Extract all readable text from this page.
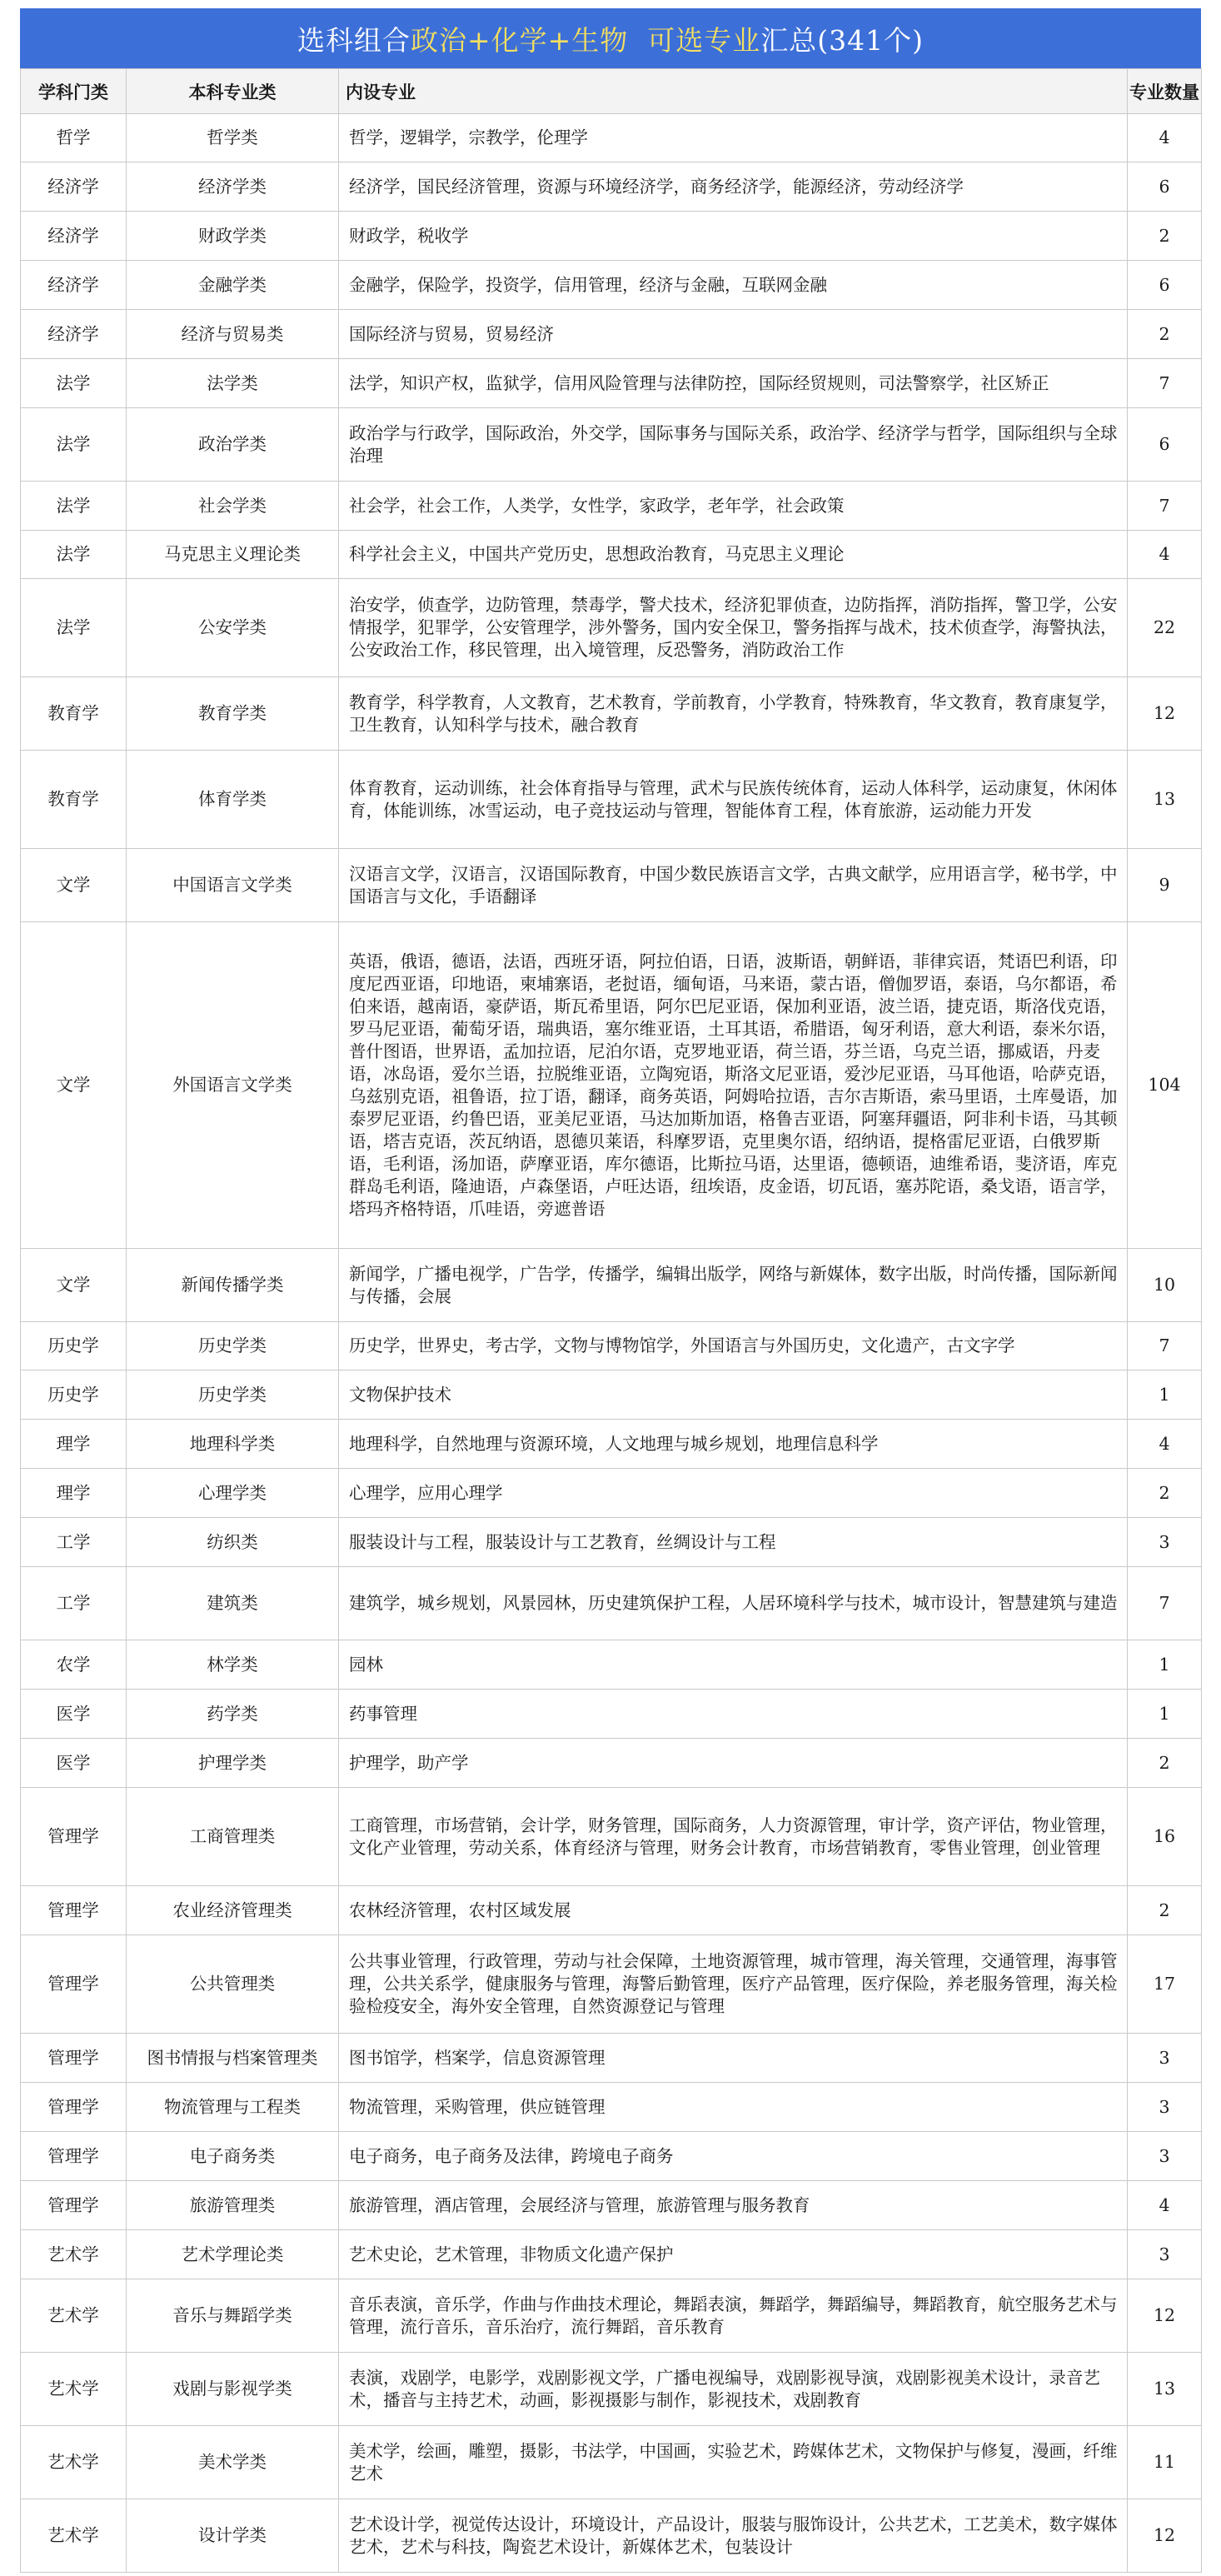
选科组合 政治+化学+生物
可选专业 汇总(341个)
学科门类	本科专业类	内设专业	专业数量
哲学	哲学类	哲学，逻辑学，宗教学，伦理学	4
经济学	经济学类	经济学，国民经济管理，资源与环境经济学，商务经济学，能源经济，劳动经济学	6
经济学	财政学类	财政学，税收学	2
经济学	金融学类	金融学，保险学，投资学，信用管理，经济与金融，互联网金融	6
经济学	经济与贸易类	国际经济与贸易，贸易经济	2
法学	法学类	法学，知识产权，监狱学，信用风险管理与法律防控，国际经贸规则，司法警察学，社区矫正	7
法学	政治学类	政治学与行政学，国际政治，外交学，国际事务与国际关系，政治学、经济学与哲学，国际组织与全球治理	6
法学	社会学类	社会学，社会工作，人类学，女性学，家政学，老年学，社会政策	7
法学	马克思主义理论类	科学社会主义，中国共产党历史，思想政治教育，马克思主义理论	4
法学	公安学类	治安学，侦查学，边防管理，禁毒学，警犬技术，经济犯罪侦查，边防指挥，消防指挥，警卫学，公安情报学，犯罪学，公安管理学，涉外警务，国内安全保卫，警务指挥与战术，技术侦查学，海警执法，公安政治工作，移民管理，出入境管理，反恐警务，消防政治工作	22
教育学	教育学类	教育学，科学教育，人文教育，艺术教育，学前教育，小学教育，特殊教育，华文教育，教育康复学，卫生教育，认知科学与技术，融合教育	12
教育学	体育学类	体育教育，运动训练，社会体育指导与管理，武术与民族传统体育，运动人体科学，运动康复，休闲体育，体能训练，冰雪运动，电子竞技运动与管理，智能体育工程，体育旅游，运动能力开发	13
文学	中国语言文学类	汉语言文学，汉语言，汉语国际教育，中国少数民族语言文学，古典文献学，应用语言学，秘书学，中国语言与文化，手语翻译	9
文学	外国语言文学类	英语，俄语，德语，法语，西班牙语，阿拉伯语，日语，波斯语，朝鲜语，菲律宾语，梵语巴利语，印度尼西亚语，印地语，柬埔寨语，老挝语，缅甸语，马来语，蒙古语，僧伽罗语，泰语，乌尔都语，希伯来语，越南语，豪萨语，斯瓦希里语，阿尔巴尼亚语，保加利亚语，波兰语，捷克语，斯洛伐克语，罗马尼亚语，葡萄牙语，瑞典语，塞尔维亚语，土耳其语，希腊语，匈牙利语，意大利语，泰米尔语，普什图语，世界语，孟加拉语，尼泊尔语，克罗地亚语，荷兰语，芬兰语，乌克兰语，挪威语，丹麦语，冰岛语，爱尔兰语，拉脱维亚语，立陶宛语，斯洛文尼亚语，爱沙尼亚语，马耳他语，哈萨克语，乌兹别克语，祖鲁语，拉丁语，翻译，商务英语，阿姆哈拉语，吉尔吉斯语，索马里语，土库曼语，加泰罗尼亚语，约鲁巴语，亚美尼亚语，马达加斯加语，格鲁吉亚语，阿塞拜疆语，阿非利卡语，马其顿语，塔吉克语，茨瓦纳语，恩德贝莱语，科摩罗语，克里奥尔语，绍纳语，提格雷尼亚语，白俄罗斯语，毛利语，汤加语，萨摩亚语，库尔德语，比斯拉马语，达里语，德顿语，迪维希语，斐济语，库克群岛毛利语，隆迪语，卢森堡语，卢旺达语，纽埃语，皮金语，切瓦语，塞苏陀语，桑戈语，语言学，塔玛齐格特语，爪哇语，旁遮普语	104
文学	新闻传播学类	新闻学，广播电视学，广告学，传播学，编辑出版学，网络与新媒体，数字出版，时尚传播，国际新闻与传播，会展	10
历史学	历史学类	历史学，世界史，考古学，文物与博物馆学，外国语言与外国历史，文化遗产，古文字学	7
历史学	历史学类	文物保护技术	1
理学	地理科学类	地理科学，自然地理与资源环境，人文地理与城乡规划，地理信息科学	4
理学	心理学类	心理学，应用心理学	2
工学	纺织类	服装设计与工程，服装设计与工艺教育，丝绸设计与工程	3
工学	建筑类	建筑学，城乡规划，风景园林，历史建筑保护工程，人居环境科学与技术，城市设计，智慧建筑与建造	7
农学	林学类	园林	1
医学	药学类	药事管理	1
医学	护理学类	护理学，助产学	2
管理学	工商管理类	工商管理，市场营销，会计学，财务管理，国际商务，人力资源管理，审计学，资产评估，物业管理，文化产业管理，劳动关系，体育经济与管理，财务会计教育，市场营销教育，零售业管理，创业管理	16
管理学	农业经济管理类	农林经济管理，农村区域发展	2
管理学	公共管理类	公共事业管理，行政管理，劳动与社会保障，土地资源管理，城市管理，海关管理，交通管理，海事管理，公共关系学，健康服务与管理，海警后勤管理，医疗产品管理，医疗保险，养老服务管理，海关检验检疫安全，海外安全管理，自然资源登记与管理	17
管理学	图书情报与档案管理类	图书馆学，档案学，信息资源管理	3
管理学	物流管理与工程类	物流管理，采购管理，供应链管理	3
管理学	电子商务类	电子商务，电子商务及法律，跨境电子商务	3
管理学	旅游管理类	旅游管理，酒店管理，会展经济与管理，旅游管理与服务教育	4
艺术学	艺术学理论类	艺术史论，艺术管理，非物质文化遗产保护	3
艺术学	音乐与舞蹈学类	音乐表演，音乐学，作曲与作曲技术理论，舞蹈表演，舞蹈学，舞蹈编导，舞蹈教育，航空服务艺术与管理，流行音乐，音乐治疗，流行舞蹈，音乐教育	12
艺术学	戏剧与影视学类	表演，戏剧学，电影学，戏剧影视文学，广播电视编导，戏剧影视导演，戏剧影视美术设计，录音艺术，播音与主持艺术，动画，影视摄影与制作，影视技术，戏剧教育	13
艺术学	美术学类	美术学，绘画，雕塑，摄影，书法学，中国画，实验艺术，跨媒体艺术，文物保护与修复，漫画，纤维艺术	11
艺术学	设计学类	艺术设计学，视觉传达设计，环境设计，产品设计，服装与服饰设计，公共艺术，工艺美术，数字媒体艺术，艺术与科技，陶瓷艺术设计，新媒体艺术，包装设计	12
